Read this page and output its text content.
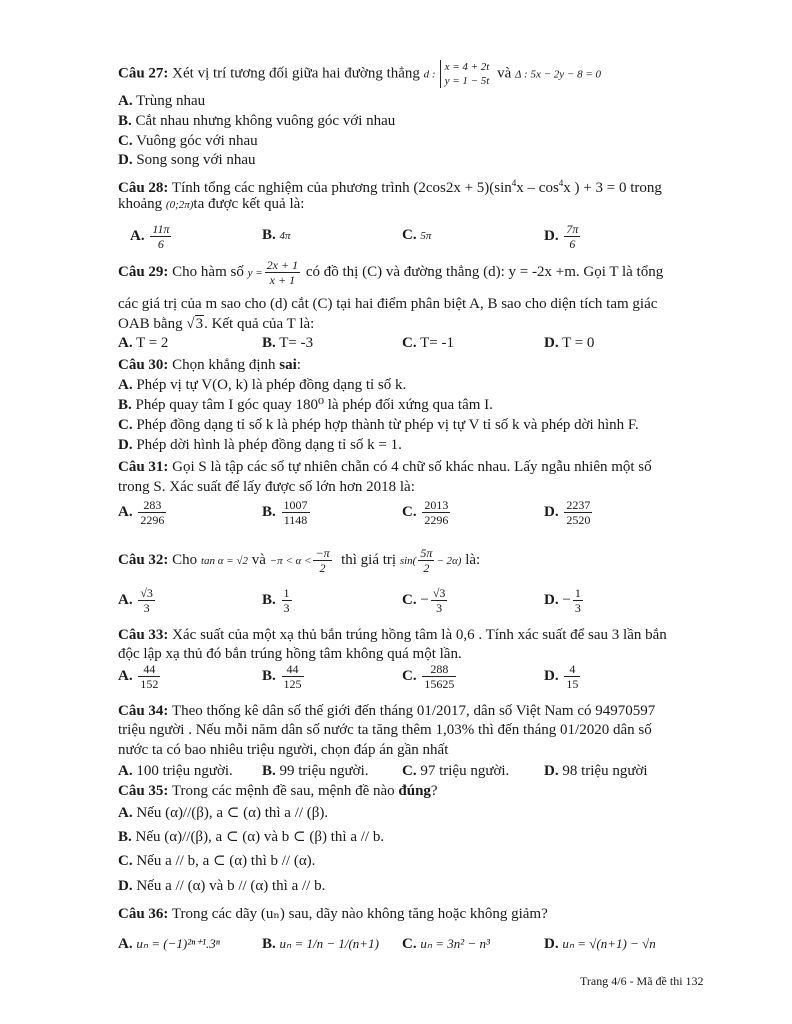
Câu 27: Xét vị trí tương đối giữa hai đường thẳng d :
x = 4 + 2t
y = 1 − 5t và Δ : 5x − 2y − 8 = 0
A. Trùng nhau
B. Cắt nhau nhưng không vuông góc với nhau
C. Vuông góc với nhau
D. Song song với nhau
Câu 28: Tính tổng các nghiệm của phương trình $(2\cos 2x + 5)(\sin^4x - \cos^4x$ ) + 3 = 0 trong
khoảng (0;2π)ta được kết quả là:
A. $\frac{11\pi}{6}$	B. 4π	C. 5π	D. $\frac{7\pi}{6}$
Câu 29: Cho hàm số $y = \frac{2x + 1}{x + 1}$ có đồ thị (C) và đường thẳng (d): y = -2x +m. Gọi T là tổng
các giá trị của m sao cho (d) cắt (C) tại hai điểm phân biệt A, B sao cho diện tích tam giác
OAB bằng √3. Kết quả của T là:
A. T = 2	B. T= -3	C. T= -1	D. T = 0
Câu 30: Chọn khẳng định sai:
A. Phép vị tự V(O, k) là phép đồng dạng tỉ số k.
B. Phép quay tâm I góc quay 180⁰ là phép đối xứng qua tâm I.
C. Phép đồng dạng tỉ số k là phép hợp thành từ phép vị tự V tỉ số k và phép dời hình F.
D. Phép dời hình là phép đồng dạng tỉ số k = 1.
Câu 31: Gọi S là tập các số tự nhiên chẵn có 4 chữ số khác nhau. Lấy ngẫu nhiên một số
trong S. Xác suất để lấy được số lớn hơn 2018 là:
A. $\frac{283}{2296}$	B. $\frac{1007}{1148}$	C. $\frac{2013}{2296}$	D. $\frac{2237}{2520}$
Câu 32: Cho tan α = √2 và $-\pi < \alpha < \frac{-\pi}{2}$ thì giá trị $\sin( \frac{5\pi}{2} - 2\alpha)$ là:
A. $\frac{√3}{3}$	B. $\frac{1}{3}$	C. − $\frac{√3}{3}$	D. − $\frac{1}{3}$
Câu 33: Xác suất của một xạ thủ bắn trúng hồng tâm là 0,6 . Tính xác suất để sau 3 lần bắn
độc lập xạ thủ đó bắn trúng hồng tâm không quá một lần.
A. $\frac{44}{152}$	B. $\frac{44}{125}$	C. $\frac{288}{15625}$	D. $\frac{4}{15}$
Câu 34: Theo thống kê dân số thế giới đến tháng 01/2017, dân số Việt Nam có 94970597
triệu người . Nếu mỗi năm dân số nước ta tăng thêm 1,03% thì đến tháng 01/2020 dân số
nước ta có bao nhiêu triệu người, chọn đáp án gần nhất
A. 100 triệu người. B. 99 triệu người. C. 97 triệu người. D. 98 triệu người
Câu 35: Trong các mệnh đề sau, mệnh đề nào đúng?
A. Nếu (α)//(β), a ⊂ (α) thì a // (β).
B. Nếu (α)//(β), a ⊂ (α) và b ⊂ (β) thì a // b.
C. Nếu a // b, a ⊂ (α) thì b // (α).
D. Nếu a // (α) và b // (α) thì a // b.
Câu 36: Trong các dãy (uₙ) sau, dãy nào không tăng hoặc không giảm?
A. uₙ = (−1)²ⁿ⁺¹.3ⁿ	B. uₙ = 1/n − 1/(n+1) C. uₙ = 3n² − n³	D. uₙ = √(n+1) − √n
Trang 4/6 - Mã đề thi 132
